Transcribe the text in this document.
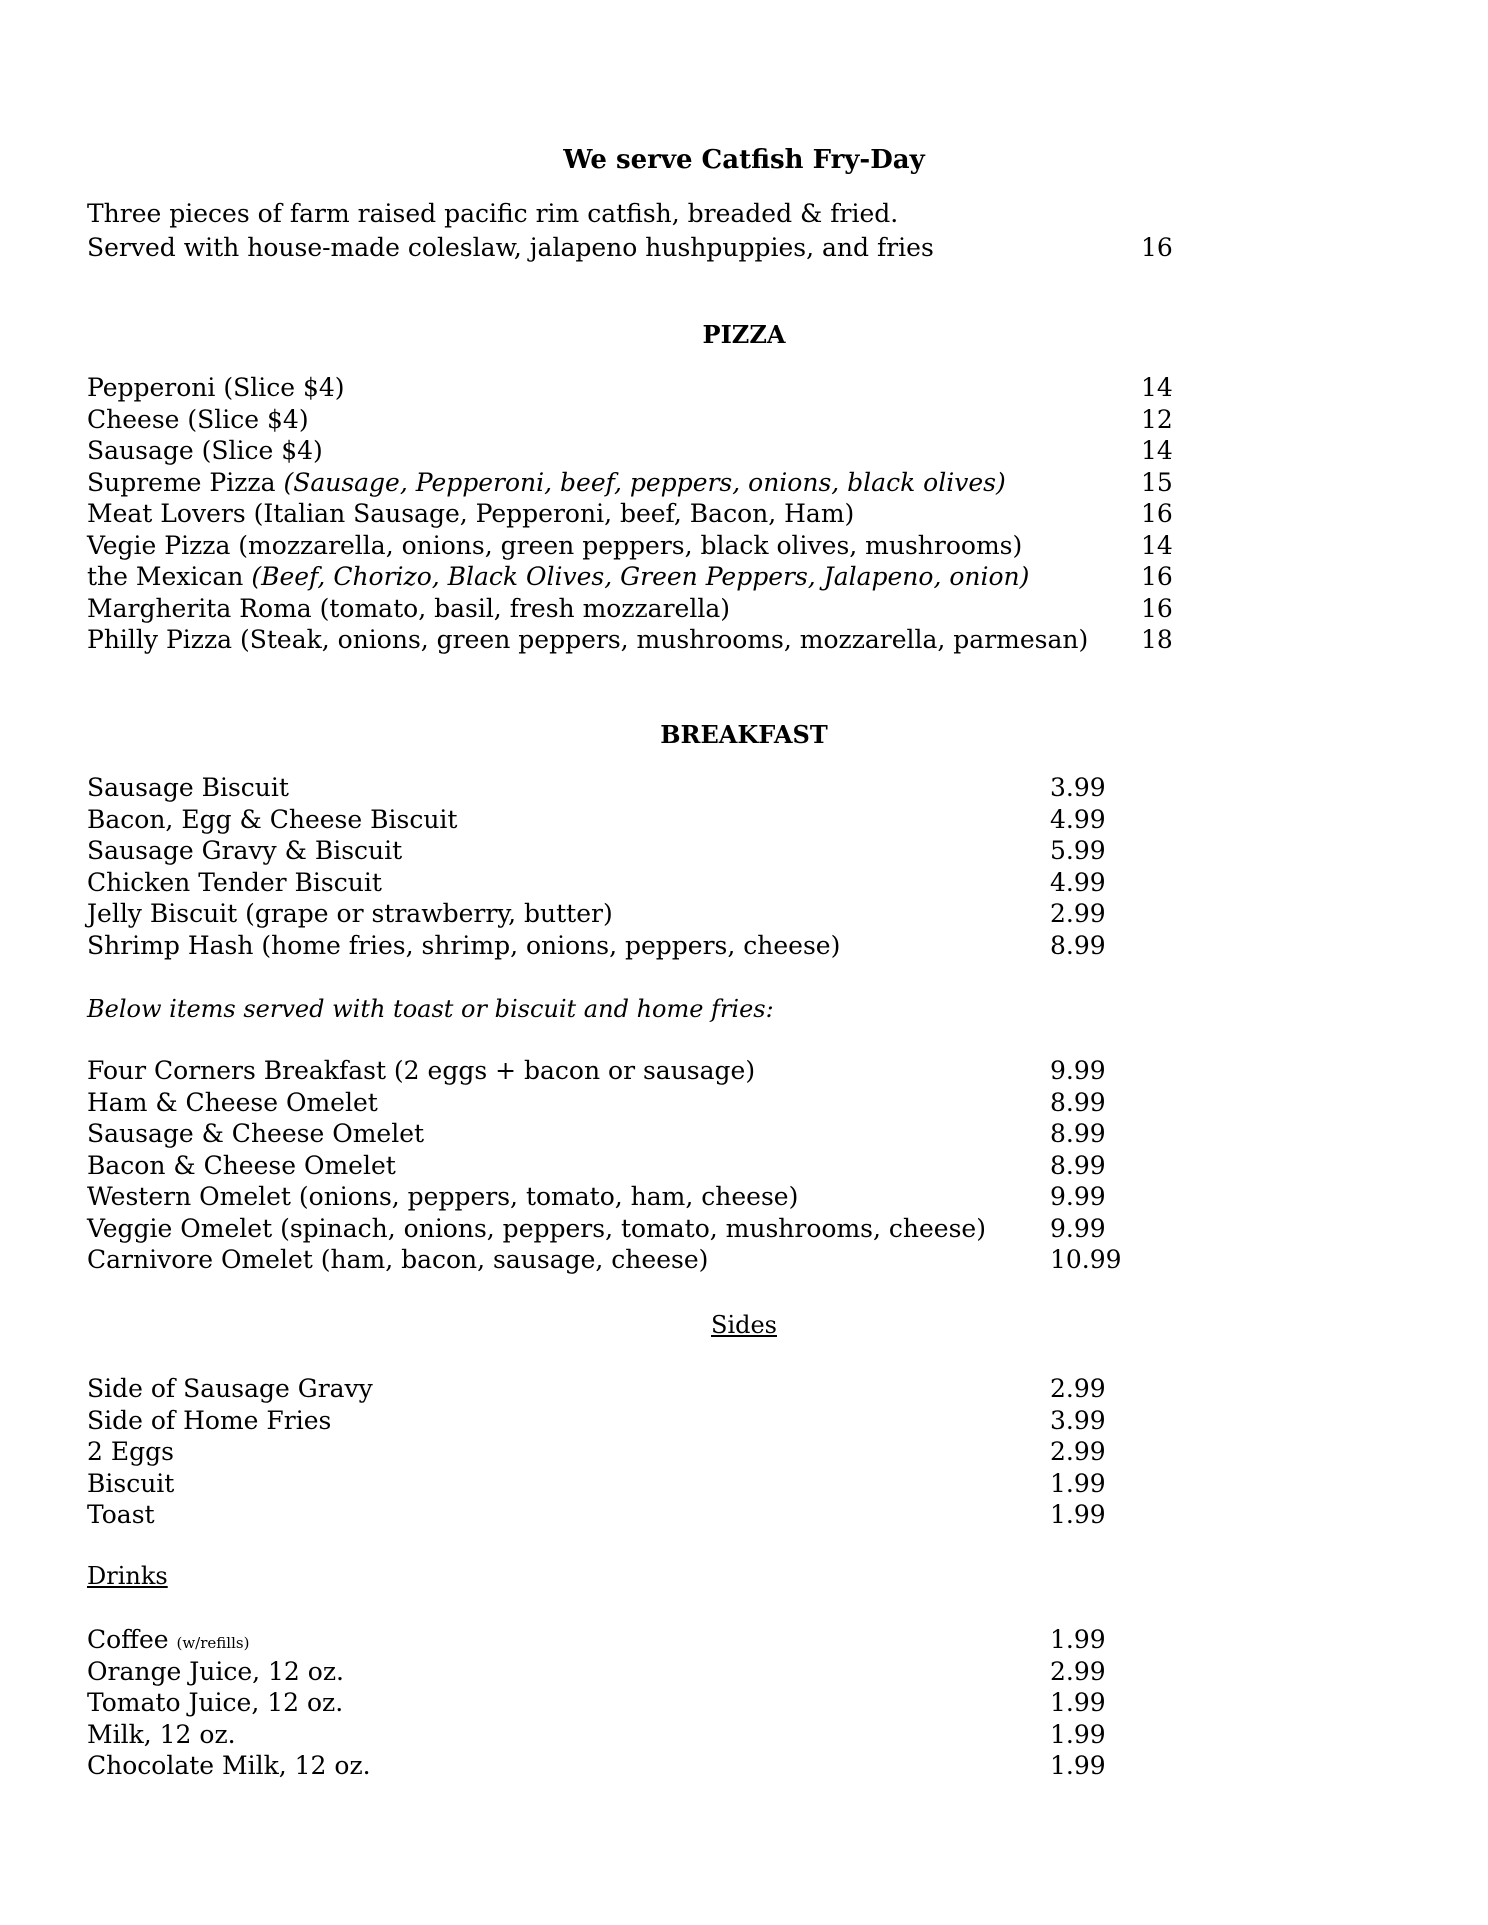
We serve Catfish Fry-Day
Three pieces of farm raised pacific rim catfish, breaded & fried.
Served with house-made coleslaw, jalapeno hushpuppies, and fries	16
PIZZA
Pepperoni (Slice $4)	14
Cheese (Slice $4)	12
Sausage (Slice $4)	14
Supreme Pizza (Sausage, Pepperoni, beef, peppers, onions, black olives)	15
Meat Lovers (Italian Sausage, Pepperoni, beef, Bacon, Ham)	16
Vegie Pizza (mozzarella, onions, green peppers, black olives, mushrooms)	14
the Mexican (Beef, Chorizo, Black Olives, Green Peppers, Jalapeno, onion)	16
Margherita Roma (tomato, basil, fresh mozzarella)	16
Philly Pizza (Steak, onions, green peppers, mushrooms, mozzarella, parmesan) 18
BREAKFAST
Sausage Biscuit	3.99
Bacon, Egg & Cheese Biscuit	4.99
Sausage Gravy & Biscuit	5.99
Chicken Tender Biscuit	4.99
Jelly Biscuit (grape or strawberry, butter)	2.99
Shrimp Hash (home fries, shrimp, onions, peppers, cheese)	8.99
Below items served with toast or biscuit and home fries:
Four Corners Breakfast (2 eggs + bacon or sausage)	9.99
Ham & Cheese Omelet	8.99
Sausage & Cheese Omelet	8.99
Bacon & Cheese Omelet	8.99
Western Omelet (onions, peppers, tomato, ham, cheese)	9.99
Veggie Omelet (spinach, onions, peppers, tomato, mushrooms, cheese)	9.99
Carnivore Omelet (ham, bacon, sausage, cheese)	10.99
Sides
Side of Sausage Gravy	2.99
Side of Home Fries	3.99
2 Eggs	2.99
Biscuit	1.99
Toast	1.99
Drinks
Coffee (w/refills)	1.99
Orange Juice, 12 oz.	2.99
Tomato Juice, 12 oz.	1.99
Milk, 12 oz.	1.99
Chocolate Milk, 12 oz.	1.99
